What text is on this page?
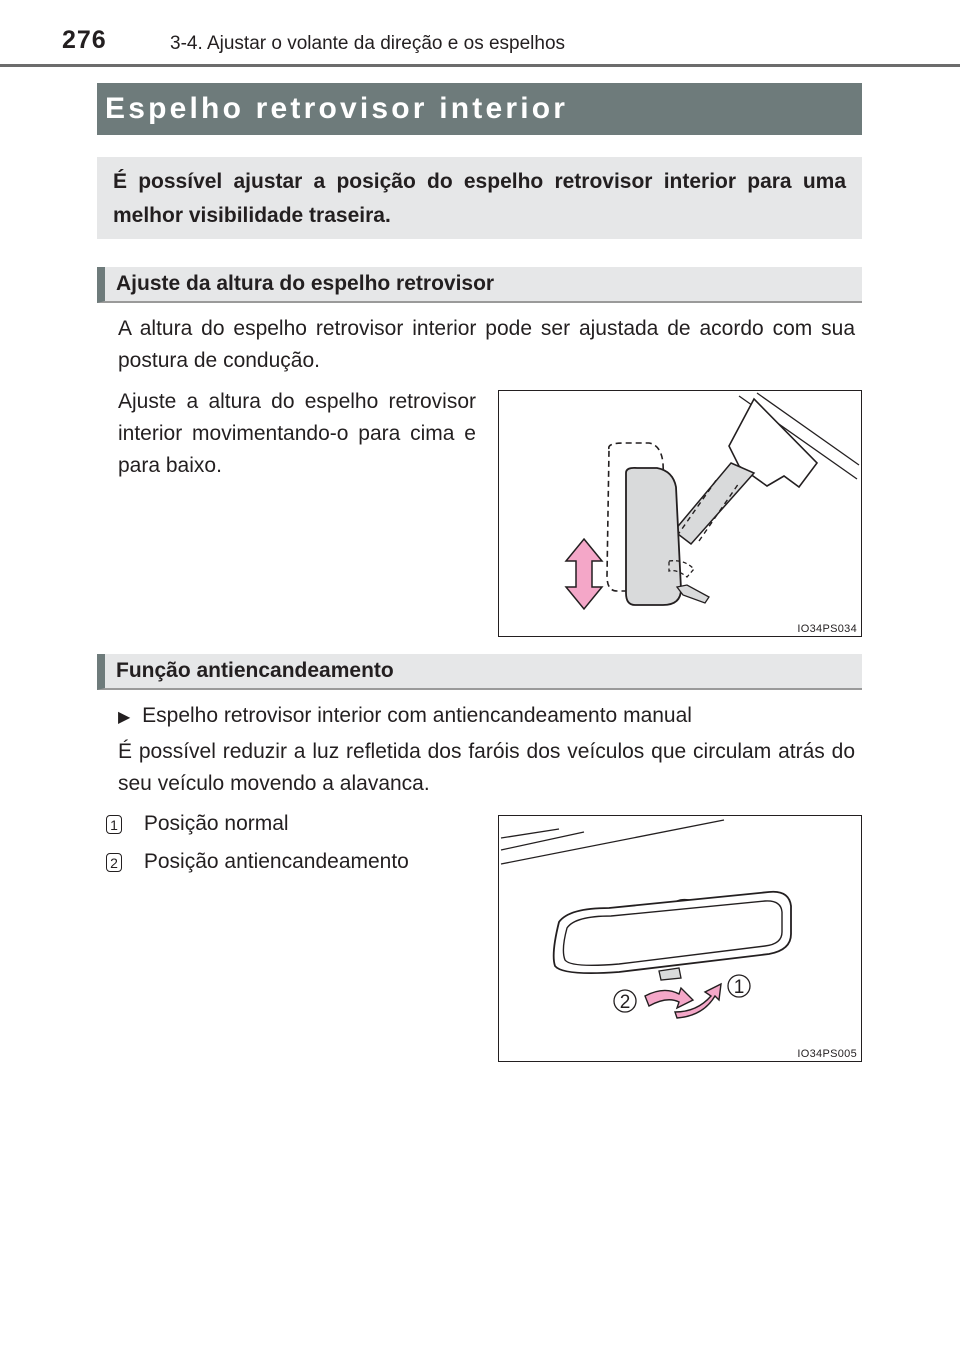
276	3-4. Ajustar o volante da direção e os espelhos
Espelho retrovisor interior
É possível ajustar a posição do espelho retrovisor interior para uma melhor visibilidade traseira.
Ajuste da altura do espelho retrovisor
A altura do espelho retrovisor interior pode ser ajustada de acordo com sua postura de condução.
Ajuste a altura do espelho retrovisor interior movimentando-o para cima e para baixo.
IO34PS034
Função antiencandeamento
▶ Espelho retrovisor interior com antiencandeamento manual
É possível reduzir a luz refletida dos faróis dos veículos que circulam atrás do seu veículo movendo a alavanca.
1 Posição normal
2 Posição antiencandeamento
1
2
IO34PS005
